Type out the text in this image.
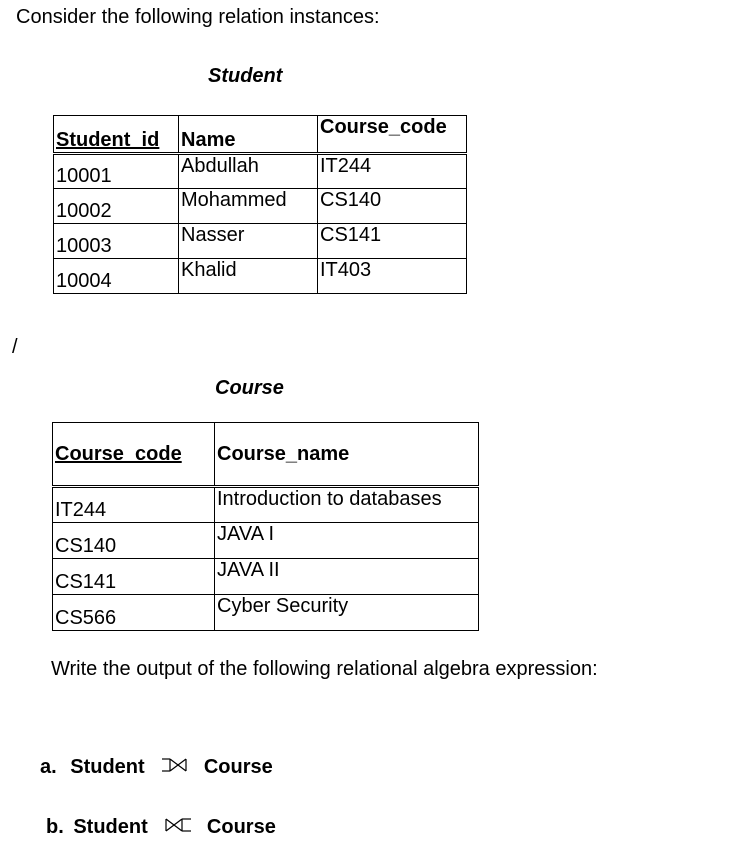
Consider the following relation instances:
Student
Student_id	Name	Course_code
10001	Abdullah	IT244
10002	Mohammed	CS140
10003	Nasser	CS141
10004	Khalid	IT403
/
Course
Course_code	Course_name
IT244	Introduction to databases
CS140	JAVA I
CS141	JAVA II
CS566	Cyber Security
Write the output of the following relational algebra expression:
a. Student	Course
b. Student	Course
